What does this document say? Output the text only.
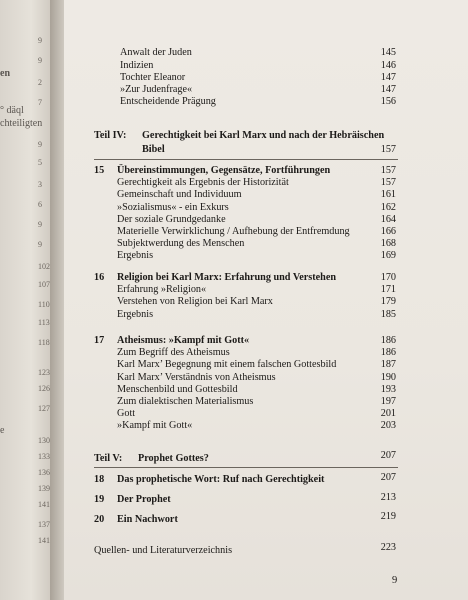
en
° däql
chteiligten
e
9
9
2
7
9
5
3
6
9
9
102
107
110
113
118
123
126
127
130
133
136
139
141
137
141
Anwalt der Juden	145
Indizien	146
Tochter Eleanor	147
»Zur Judenfrage«	147
Entscheidende Prägung	156
Teil IV: Gerechtigkeit bei Karl Marx und nach der Hebräischen
Bibel	157
15 Übereinstimmungen, Gegensätze, Fortführungen	157
Gerechtigkeit als Ergebnis der Historizität	157
Gemeinschaft und Individuum	161
»Sozialismus« - ein Exkurs	162
Der soziale Grundgedanke	164
Materielle Verwirklichung / Aufhebung der Entfremdung	166
Subjektwerdung des Menschen	168
Ergebnis	169
16 Religion bei Karl Marx: Erfahrung und Verstehen	170
Erfahrung »Religion«	171
Verstehen von Religion bei Karl Marx	179
Ergebnis	185
17 Atheismus: »Kampf mit Gott«	186
Zum Begriff des Atheismus	186
Karl Marx’ Begegnung mit einem falschen Gottesbild	187
Karl Marx’ Verständnis von Atheismus	190
Menschenbild und Gottesbild	193
Zum dialektischen Materialismus	197
Gott	201
»Kampf mit Gott«	203
Teil V: Prophet Gottes?	207
18 Das prophetische Wort: Ruf nach Gerechtigkeit	207
19 Der Prophet	213
20 Ein Nachwort	219
Quellen- und Literaturverzeichnis	223
9
